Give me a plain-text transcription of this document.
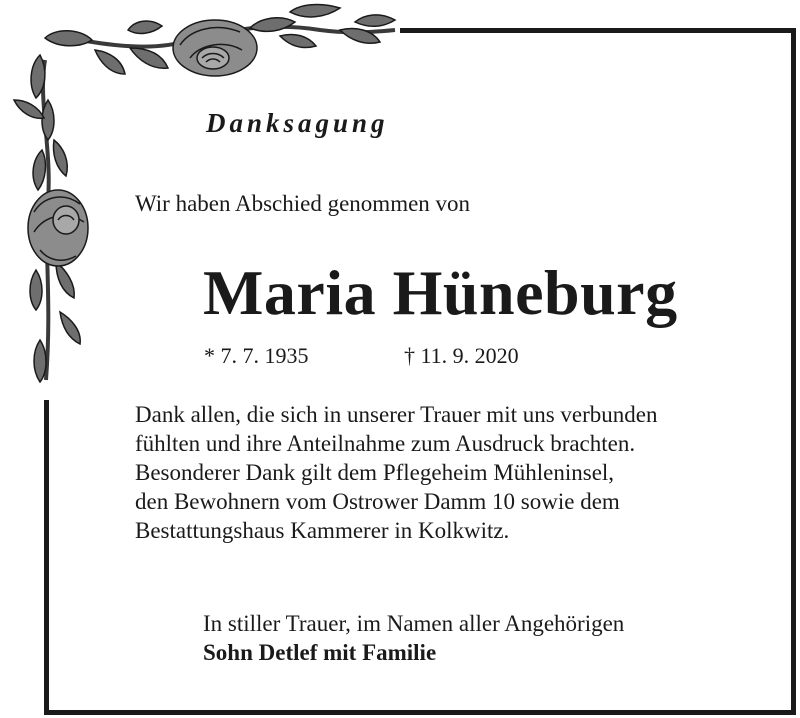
Danksagung
Wir haben Abschied genommen von
Maria Hüneburg
* 7. 7. 1935	† 11. 9. 2020
Dank allen, die sich in unserer Trauer mit uns verbunden
fühlten und ihre Anteilnahme zum Ausdruck brachten.
Besonderer Dank gilt dem Pflegeheim Mühleninsel,
den Bewohnern vom Ostrower Damm 10 sowie dem
Bestattungshaus Kammerer in Kolkwitz.
In stiller Trauer, im Namen aller Angehörigen
Sohn Detlef mit Familie
